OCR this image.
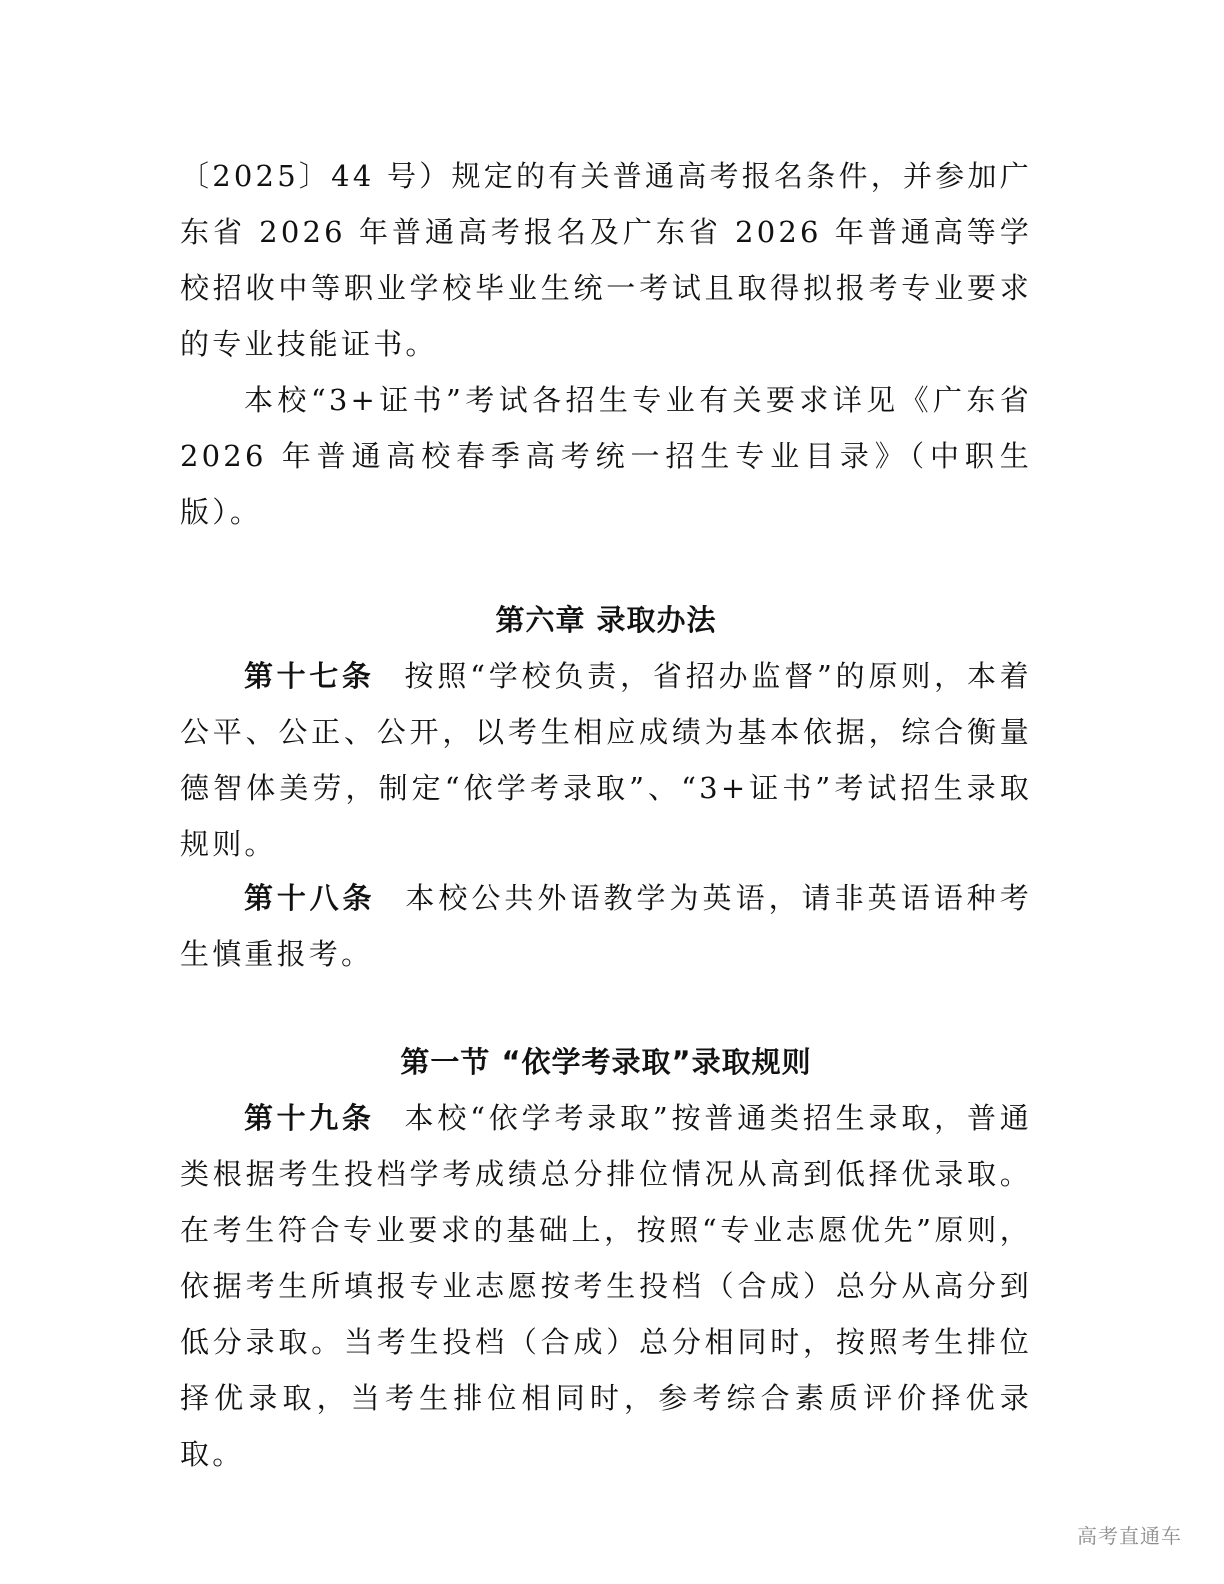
〔2025〕44 号）规定的有关普通高考报名条件，并参加广东省 2026 年普通高考报名及广东省 2026 年普通高等学校招收中等职业学校毕业生统一考试且取得拟报考专业要求的专业技能证书。

本校“3+证书”考试各招生专业有关要求详见《广东省 2026 年普通高校春季高考统一招生专业目录》（中职生版）。

第六章 录取办法

第十七条 按照“学校负责，省招办监督”的原则，本着公平、公正、公开，以考生相应成绩为基本依据，综合衡量德智体美劳，制定“依学考录取”、“3+证书”考试招生录取规则。

第十八条 本校公共外语教学为英语，请非英语语种考生慎重报考。

第一节 “依学考录取”录取规则

第十九条 本校“依学考录取”按普通类招生录取，普通类根据考生投档学考成绩总分排位情况从高到低择优录取。在考生符合专业要求的基础上，按照“专业志愿优先”原则，依据考生所填报专业志愿按考生投档（合成）总分从高分到低分录取。当考生投档（合成）总分相同时，按照考生排位择优录取，当考生排位相同时，参考综合素质评价择优录取。

高考直通车
